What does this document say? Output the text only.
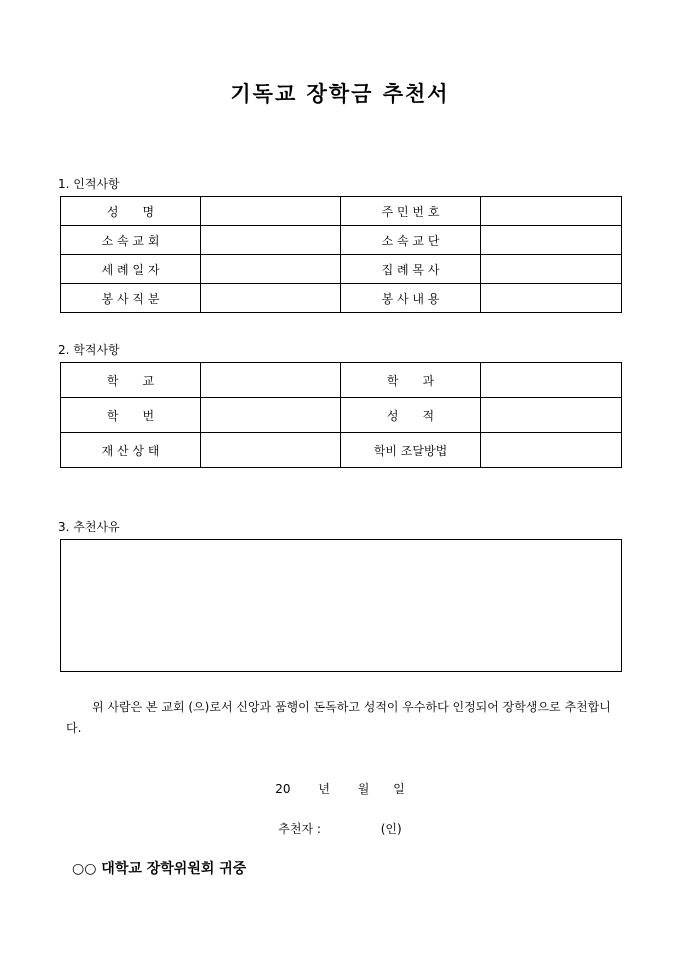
기독교 장학금 추천서
1. 인적사항
성　　명		주 민 번 호	
소 속 교 회		소 속 교 단	
세 례 일 자		집 례 목 사	
봉 사 직 분		봉 사 내 용	
2. 학적사항
학　　교		학　　과	
학　　번		성　　적	
재 산 상 태		학비 조달방법	
3. 추천사유
위 사람은 본 교회 (으)로서 신앙과 품행이 돈독하고 성적이 우수하다 인정되어 장학생으로 추천합니다.
20 년 월 일
추천자 :	(인)
○○ 대학교 장학위원회 귀중
